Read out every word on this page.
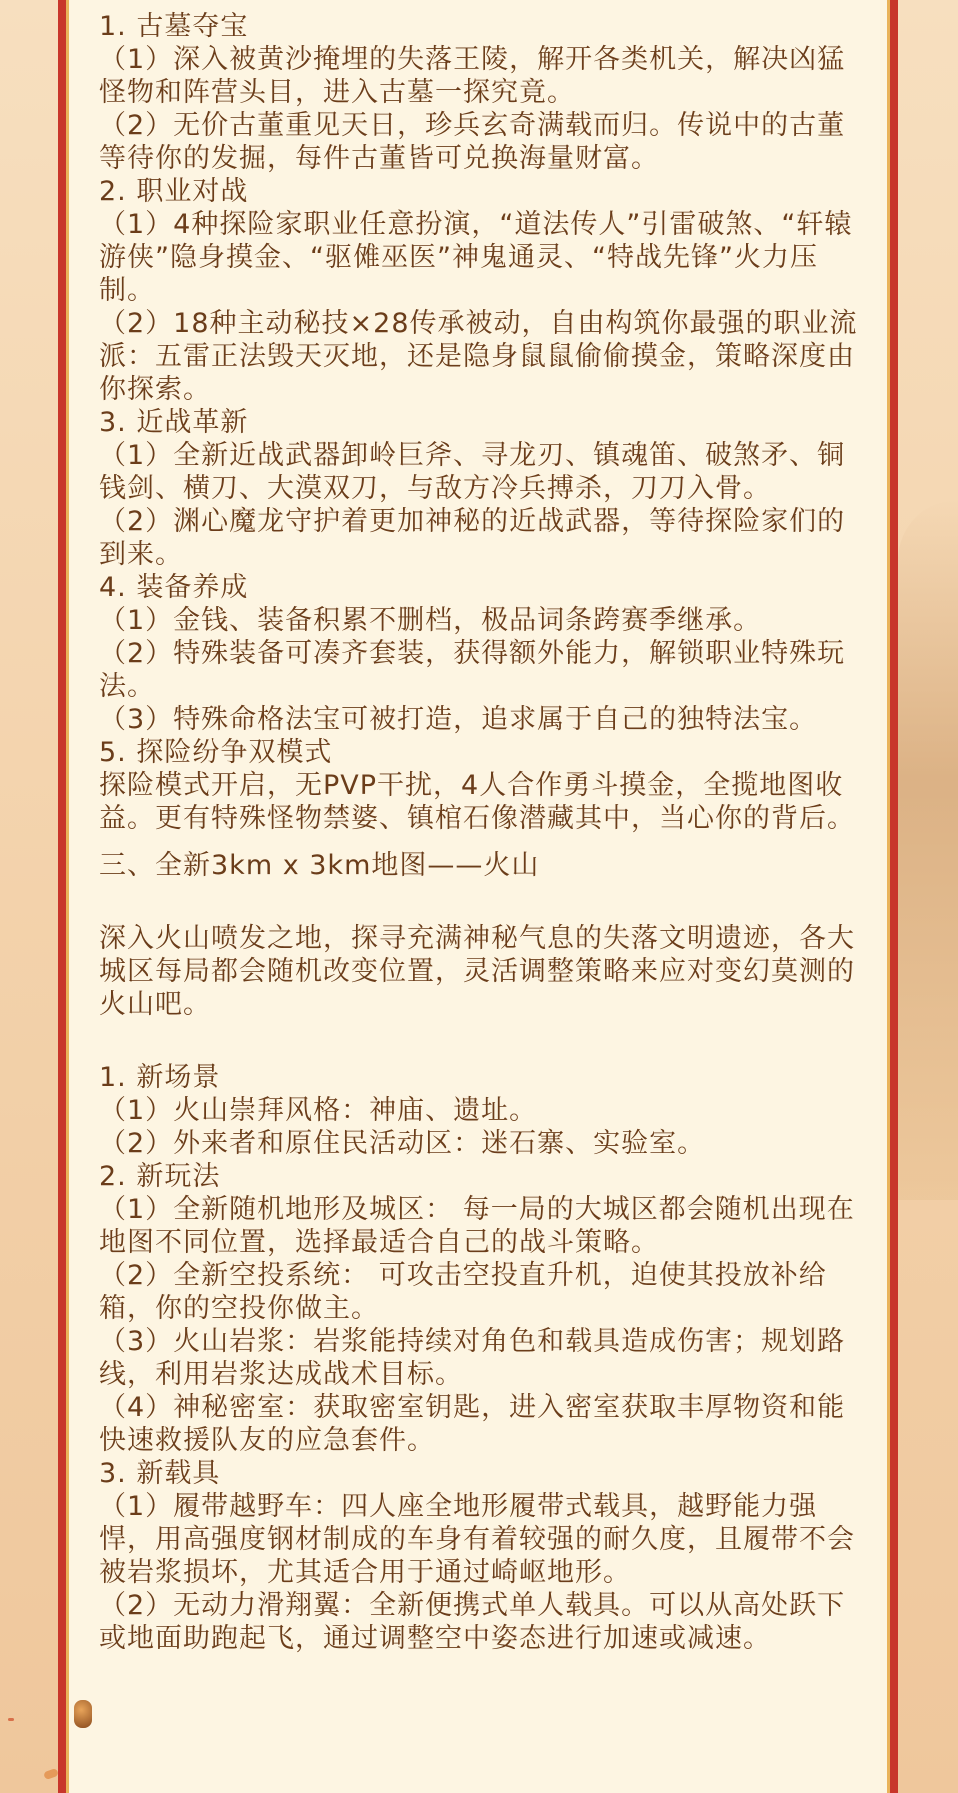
1. 古墓夺宝

（1）深入被黄沙掩埋的失落王陵，解开各类机关，解决凶猛怪物和阵营头目，进入古墓一探究竟。

（2）无价古董重见天日，珍兵玄奇满载而归。传说中的古董等待你的发掘，每件古董皆可兑换海量财富。

2. 职业对战

（1）4种探险家职业任意扮演，“道法传人”引雷破煞、“轩辕游侠”隐身摸金、“驱傩巫医”神鬼通灵、“特战先锋”火力压制。

（2）18种主动秘技×28传承被动，自由构筑你最强的职业流派：五雷正法毁天灭地，还是隐身鼠鼠偷偷摸金，策略深度由你探索。

3. 近战革新

（1）全新近战武器卸岭巨斧、寻龙刃、镇魂笛、破煞矛、铜钱剑、横刀、大漠双刀，与敌方冷兵搏杀，刀刀入骨。

（2）渊心魔龙守护着更加神秘的近战武器，等待探险家们的到来。

4. 装备养成

（1）金钱、装备积累不删档，极品词条跨赛季继承。

（2）特殊装备可凑齐套装，获得额外能力，解锁职业特殊玩法。

（3）特殊命格法宝可被打造，追求属于自己的独特法宝。

5. 探险纷争双模式

探险模式开启，无PVP干扰，4人合作勇斗摸金，全揽地图收益。更有特殊怪物禁婆、镇棺石像潜藏其中，当心你的背后。

三、全新3km x 3km地图——火山

深入火山喷发之地，探寻充满神秘气息的失落文明遗迹，各大城区每局都会随机改变位置，灵活调整策略来应对变幻莫测的火山吧。

1. 新场景

（1）火山崇拜风格：神庙、遗址。

（2）外来者和原住民活动区：迷石寨、实验室。

2. 新玩法

（1）全新随机地形及城区： 每一局的大城区都会随机出现在地图不同位置，选择最适合自己的战斗策略。

（2）全新空投系统： 可攻击空投直升机，迫使其投放补给箱，你的空投你做主。

（3）火山岩浆：岩浆能持续对角色和载具造成伤害；规划路线，利用岩浆达成战术目标。

（4）神秘密室：获取密室钥匙，进入密室获取丰厚物资和能快速救援队友的应急套件。

3. 新载具

（1）履带越野车：四人座全地形履带式载具，越野能力强悍，用高强度钢材制成的车身有着较强的耐久度，且履带不会被岩浆损坏，尤其适合用于通过崎岖地形。

（2）无动力滑翔翼：全新便携式单人载具。可以从高处跃下或地面助跑起飞，通过调整空中姿态进行加速或减速。
